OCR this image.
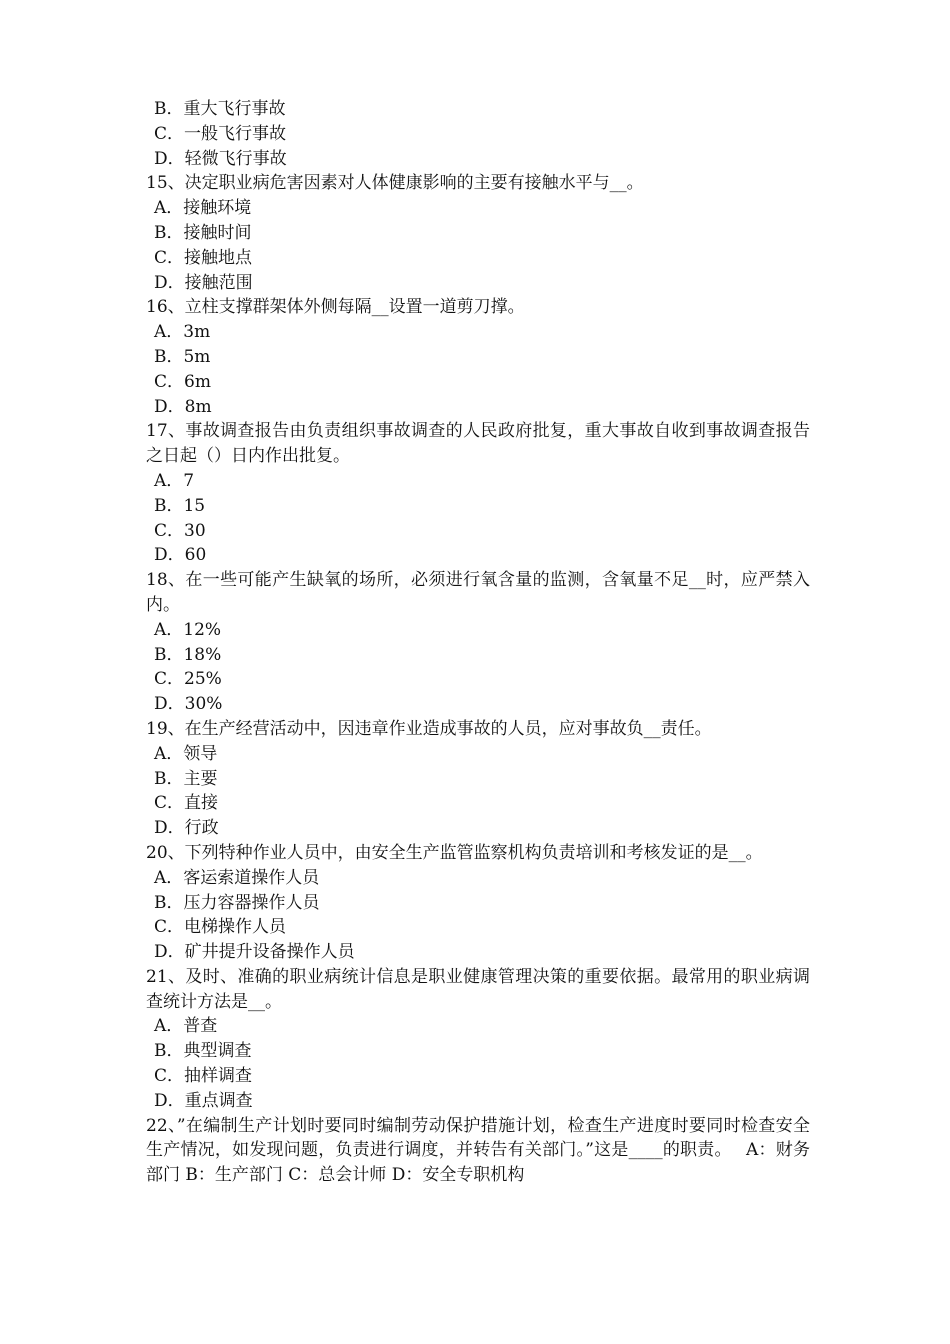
B．重大飞行事故
C．一般飞行事故
D．轻微飞行事故
15、决定职业病危害因素对人体健康影响的主要有接触水平与__。
A．接触环境
B．接触时间
C．接触地点
D．接触范围
16、立柱支撑群架体外侧每隔__设置一道剪刀撑。
A．3m
B．5m
C．6m
D．8m
17、事故调查报告由负责组织事故调查的人民政府批复，重大事故自收到事故调查报告之日起（）日内作出批复。
A．7
B．15
C．30
D．60
18、在一些可能产生缺氧的场所，必须进行氧含量的监测，含氧量不足__时，应严禁入内。
A．12%
B．18%
C．25%
D．30%
19、在生产经营活动中，因违章作业造成事故的人员，应对事故负__责任。
A．领导
B．主要
C．直接
D．行政
20、下列特种作业人员中，由安全生产监管监察机构负责培训和考核发证的是__。
A．客运索道操作人员
B．压力容器操作人员
C．电梯操作人员
D．矿井提升设备操作人员
21、及时、准确的职业病统计信息是职业健康管理决策的重要依据。最常用的职业病调查统计方法是__。
A．普查
B．典型调查
C．抽样调查
D．重点调查
22、”在编制生产计划时要同时编制劳动保护措施计划，检查生产进度时要同时检查安全　生产情况，如发现问题，负责进行调度，并转告有关部门。”这是____的职责。　 A：财务部门 B：生产部门 C：总会计师 D：安全专职机构
